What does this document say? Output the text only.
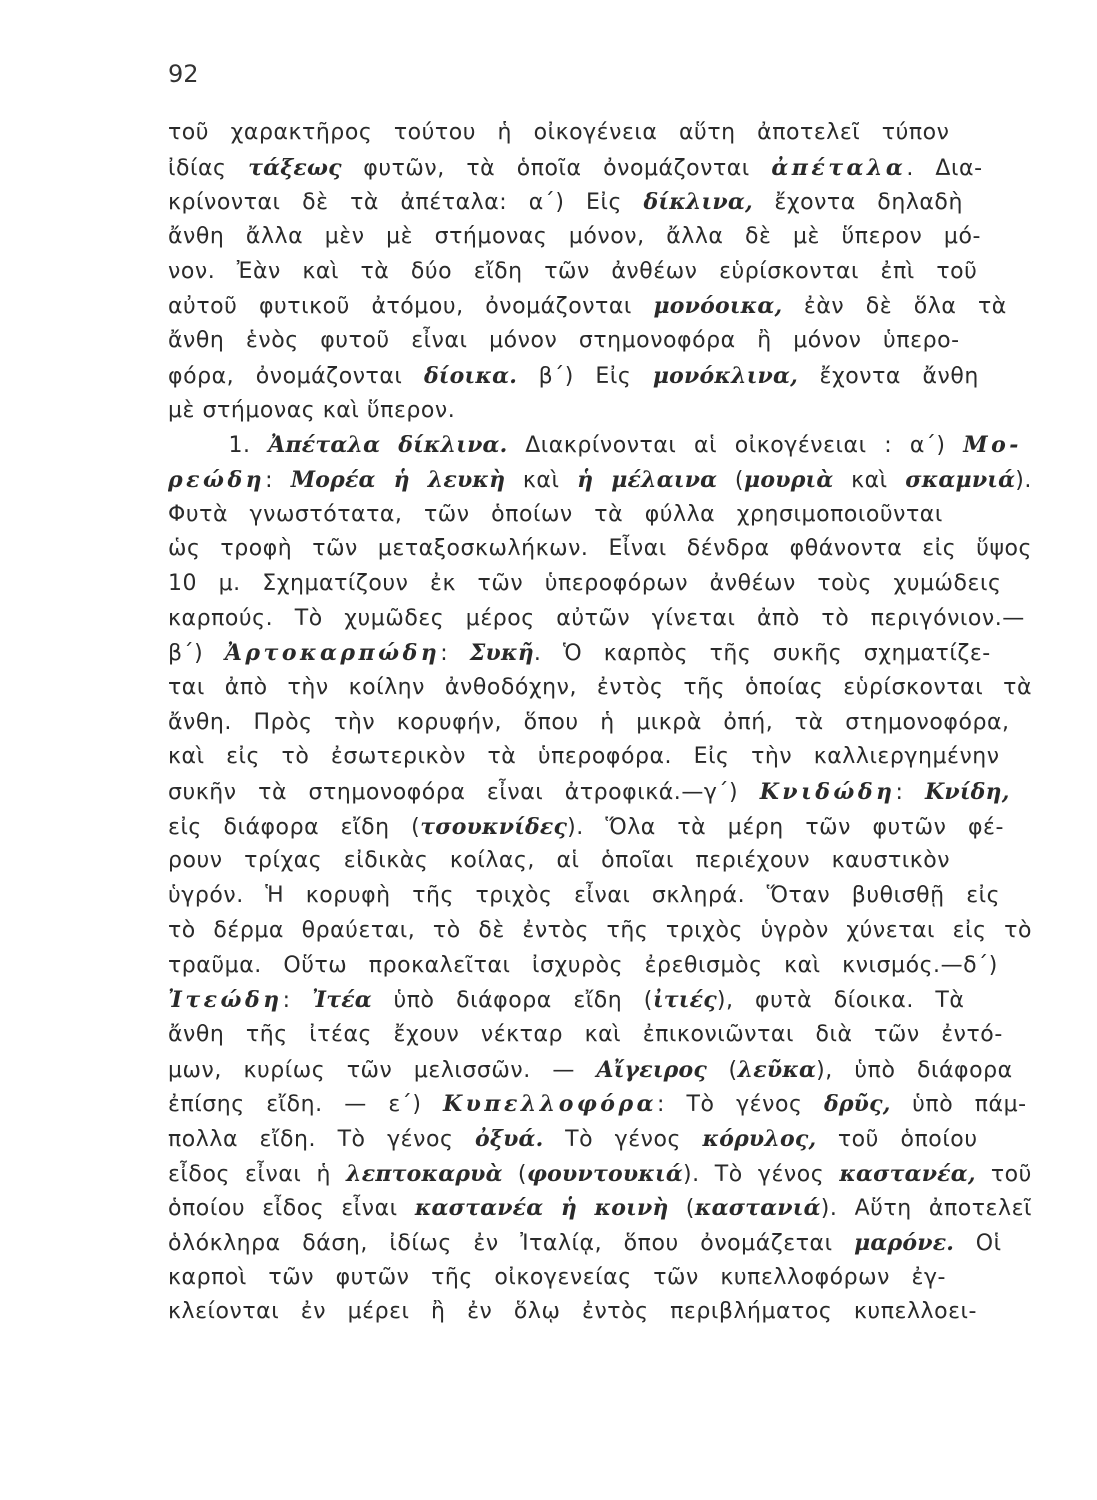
92
τοῦ χαρακτῆρος τούτου ἡ οἰκογένεια αὕτη ἀποτελεῖ τύπον
ἰδίας τάξεως φυτῶν, τὰ ὁποῖα ὀνομάζονται ἀπέταλα. Δια-
κρίνονται δὲ τὰ ἀπέταλα: α΄) Εἰς δίκλινα, ἔχοντα δηλαδὴ
ἄνθη ἄλλα μὲν μὲ στήμονας μόνον, ἄλλα δὲ μὲ ὕπερον μό-
νον. Ἐὰν καὶ τὰ δύο εἴδη τῶν ἀνθέων εὑρίσκονται ἐπὶ τοῦ
αὐτοῦ φυτικοῦ ἀτόμου, ὀνομάζονται μονόοικα, ἐὰν δὲ ὅλα τὰ
ἄνθη ἑνὸς φυτοῦ εἶναι μόνον στημονοφόρα ἢ μόνον ὑπερο-
φόρα, ὀνομάζονται δίοικα. β΄) Εἰς μονόκλινα, ἔχοντα ἄνθη
μὲ στήμονας καὶ ὕπερον.
1. Ἀπέταλα δίκλινα. Διακρίνονται αἱ οἰκογένειαι : α΄) Μο-
ρεώδη: Μορέα ἡ λευκὴ καὶ ἡ μέλαινα (μουριὰ καὶ σκαμνιά).
Φυτὰ γνωστότατα, τῶν ὁποίων τὰ φύλλα χρησιμοποιοῦνται
ὡς τροφὴ τῶν μεταξοσκωλήκων. Εἶναι δένδρα φθάνοντα εἰς ὕψος
10 μ. Σχηματίζουν ἐκ τῶν ὑπεροφόρων ἀνθέων τοὺς χυμώδεις
καρπούς. Τὸ χυμῶδες μέρος αὐτῶν γίνεται ἀπὸ τὸ περιγόνιον.—
β΄) Ἀρτοκαρπώδη: Συκῆ. Ὁ καρπὸς τῆς συκῆς σχηματίζε-
ται ἀπὸ τὴν κοίλην ἀνθοδόχην, ἐντὸς τῆς ὁποίας εὑρίσκονται τὰ
ἄνθη. Πρὸς τὴν κορυφήν, ὅπου ἡ μικρὰ ὀπή, τὰ στημονοφόρα,
καὶ εἰς τὸ ἐσωτερικὸν τὰ ὑπεροφόρα. Εἰς τὴν καλλιεργημένην
συκῆν τὰ στημονοφόρα εἶναι ἀτροφικά.—γ΄) Κνιδώδη: Κνίδη,
εἰς διάφορα εἴδη (τσουκνίδες). Ὅλα τὰ μέρη τῶν φυτῶν φέ-
ρουν τρίχας εἰδικὰς κοίλας, αἱ ὁποῖαι περιέχουν καυστικὸν
ὑγρόν. Ἡ κορυφὴ τῆς τριχὸς εἶναι σκληρά. Ὅταν βυθισθῇ εἰς
τὸ δέρμα θραύεται, τὸ δὲ ἐντὸς τῆς τριχὸς ὑγρὸν χύνεται εἰς τὸ
τραῦμα. Οὕτω προκαλεῖται ἰσχυρὸς ἐρεθισμὸς καὶ κνισμός.—δ΄)
Ἰτεώδη: Ἰτέα ὑπὸ διάφορα εἴδη (ἰτιές), φυτὰ δίοικα. Τὰ
ἄνθη τῆς ἰτέας ἔχουν νέκταρ καὶ ἐπικονιῶνται διὰ τῶν ἐντό-
μων, κυρίως τῶν μελισσῶν. — Αἴγειρος (λεῦκα), ὑπὸ διάφορα
ἐπίσης εἴδη. — ε΄) Κυπελλοφόρα: Τὸ γένος δρῦς, ὑπὸ πάμ-
πολλα εἴδη. Τὸ γένος ὀξυά. Τὸ γένος κόρυλος, τοῦ ὁποίου
εἶδος εἶναι ἡ λεπτοκαρυὰ (φουντουκιά). Τὸ γένος καστανέα, τοῦ
ὁποίου εἶδος εἶναι καστανέα ἡ κοινὴ (καστανιά). Αὕτη ἀποτελεῖ
ὁλόκληρα δάση, ἰδίως ἐν Ἰταλίᾳ, ὅπου ὀνομάζεται μαρόνε. Οἱ
καρποὶ τῶν φυτῶν τῆς οἰκογενείας τῶν κυπελλοφόρων ἐγ-
κλείονται ἐν μέρει ἢ ἐν ὅλῳ ἐντὸς περιβλήματος κυπελλοει-
